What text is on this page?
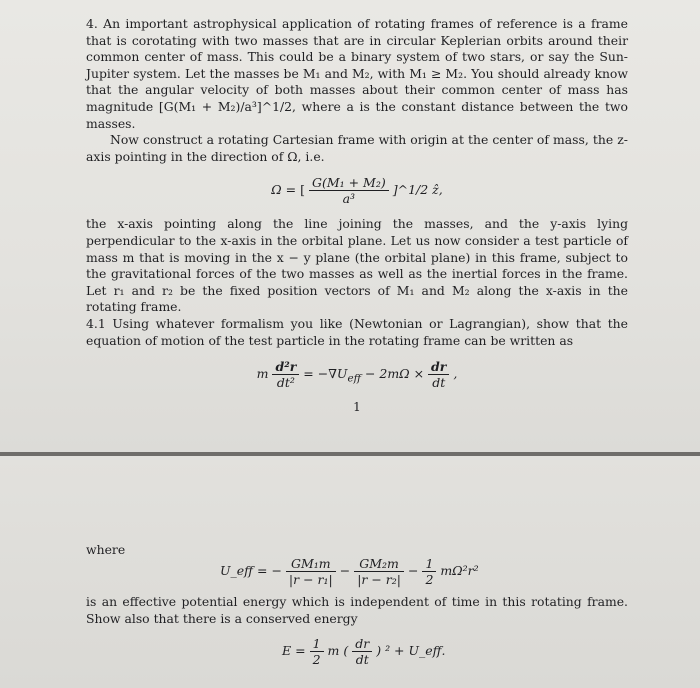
4. An important astrophysical application of rotating frames of reference is a frame that is corotating with two masses that are in circular Keplerian orbits around their common center of mass. This could be a binary system of two stars, or say the Sun-Jupiter system. Let the masses be M₁ and M₂, with M₁ ≥ M₂. You should already know that the angular velocity of both masses about their common center of mass has magnitude [G(M₁ + M₂)/a³]^1/2, where a is the constant distance between the two masses.

Now construct a rotating Cartesian frame with origin at the center of mass, the z-axis pointing in the direction of Ω, i.e.

Ω = [ $\frac{\text{G(M₁ + M₂)}}{\text{a³}}$ ]^1/2 ẑ,

the x-axis pointing along the line joining the masses, and the y-axis lying perpendicular to the x-axis in the orbital plane. Let us now consider a test particle of mass m that is moving in the x − y plane (the orbital plane) in this frame, subject to the gravitational forces of the two masses as well as the inertial forces in the frame. Let r₁ and r₂ be the fixed position vectors of M₁ and M₂ along the x-axis in the rotating frame.

4.1 Using whatever formalism you like (Newtonian or Lagrangian), show that the equation of motion of the test particle in the rotating frame can be written as

m $\frac{\text{d²r}}{\text{dt²}} = -\nabla U_{eff} - 2m\Omega \times \frac{dr}{dt}$ ,
1
where
U_eff = − $\frac{\text{GM₁m}}{\text{|r − r₁|}} - \frac{\text{GM₂m}}{\text{|r − r₂|}} - \frac{1}{2} m\Omega^2r^2$

is an effective potential energy which is independent of time in this rotating frame. Show also that there is a conserved energy

$E = \frac{1}{2}$ m ( $\frac{dr}{dt}$ ) ² + U_eff.
